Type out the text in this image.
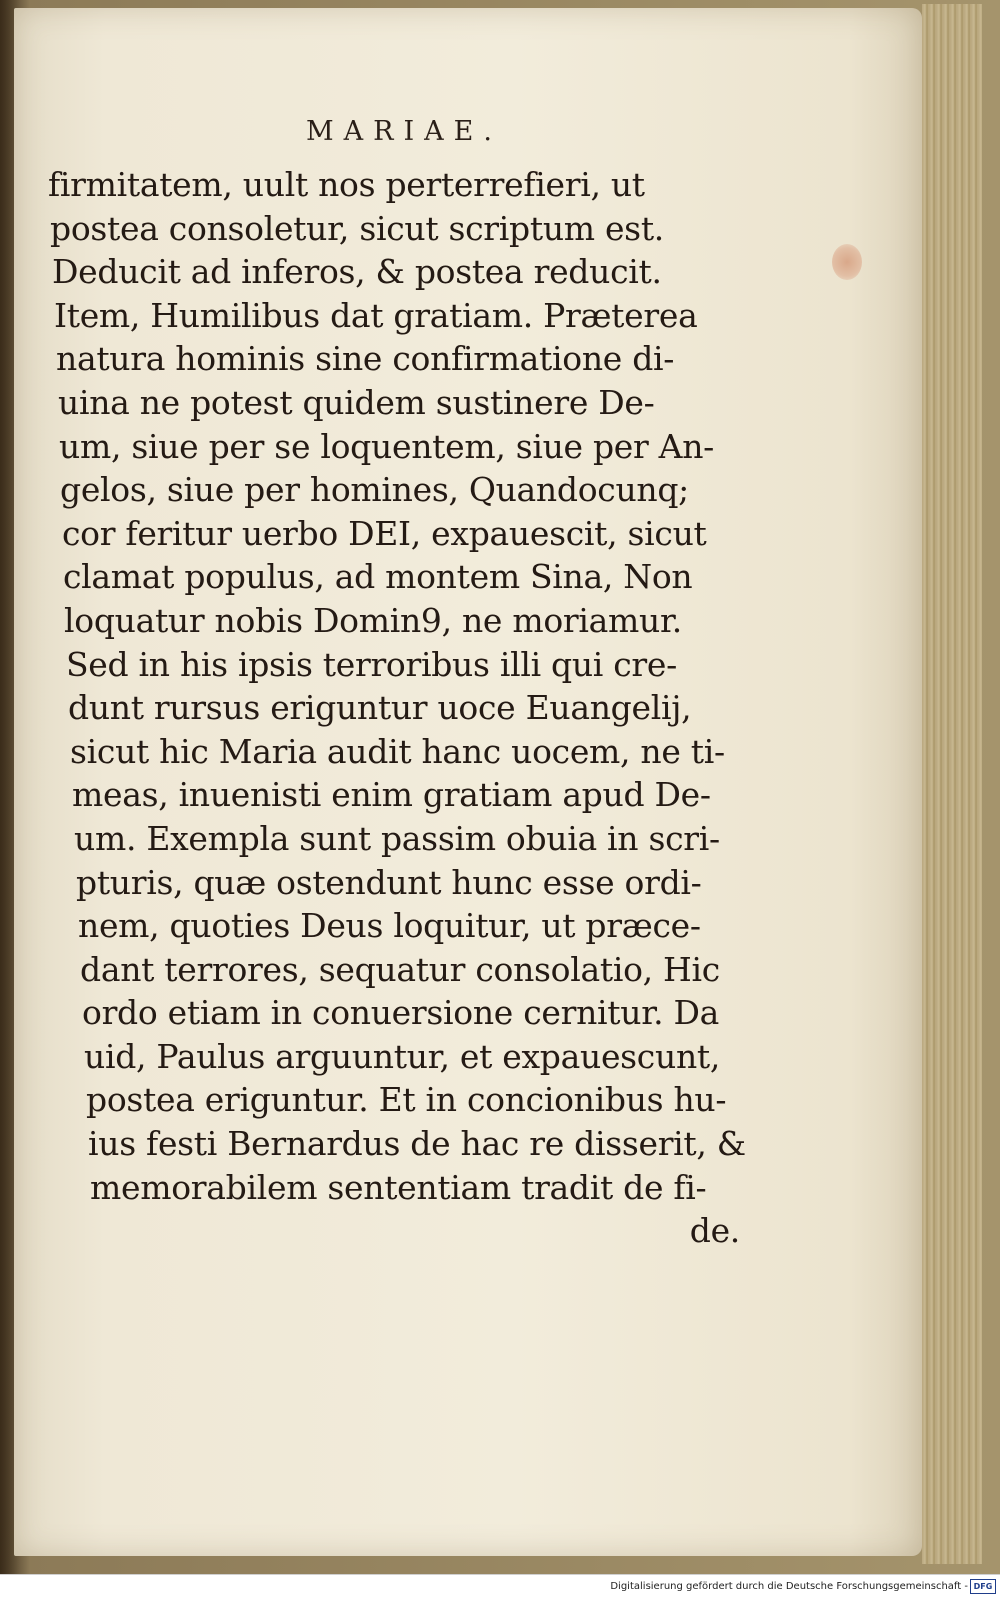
MARIAE.
firmitatem, uult nos perterrefieri, ut
postea consoletur, sicut scriptum est.
Deducit ad inferos, & postea reducit.
Item, Humilibus dat gratiam. Præterea
natura hominis sine confirmatione di-
uina ne potest quidem sustinere De-
um, siue per se loquentem, siue per An-
gelos, siue per homines, Quandocunq;
cor feritur uerbo DEI, expauescit, sicut
clamat populus, ad montem Sina, Non
loquatur nobis Domin9, ne moriamur.
Sed in his ipsis terroribus illi qui cre-
dunt rursus eriguntur uoce Euangelij,
sicut hic Maria audit hanc uocem, ne ti-
meas, inuenisti enim gratiam apud De-
um. Exempla sunt passim obuia in scri-
pturis, quæ ostendunt hunc esse ordi-
nem, quoties Deus loquitur, ut præce-
dant terrores, sequatur consolatio, Hic
ordo etiam in conuersione cernitur. Da
uid, Paulus arguuntur, et expauescunt,
postea eriguntur. Et in concionibus hu-
ius festi Bernardus de hac re disserit, &
memorabilem sententiam tradit de fi-
de.
Digitalisierung gefördert durch die Deutsche Forschungsgemeinschaft - DFG
